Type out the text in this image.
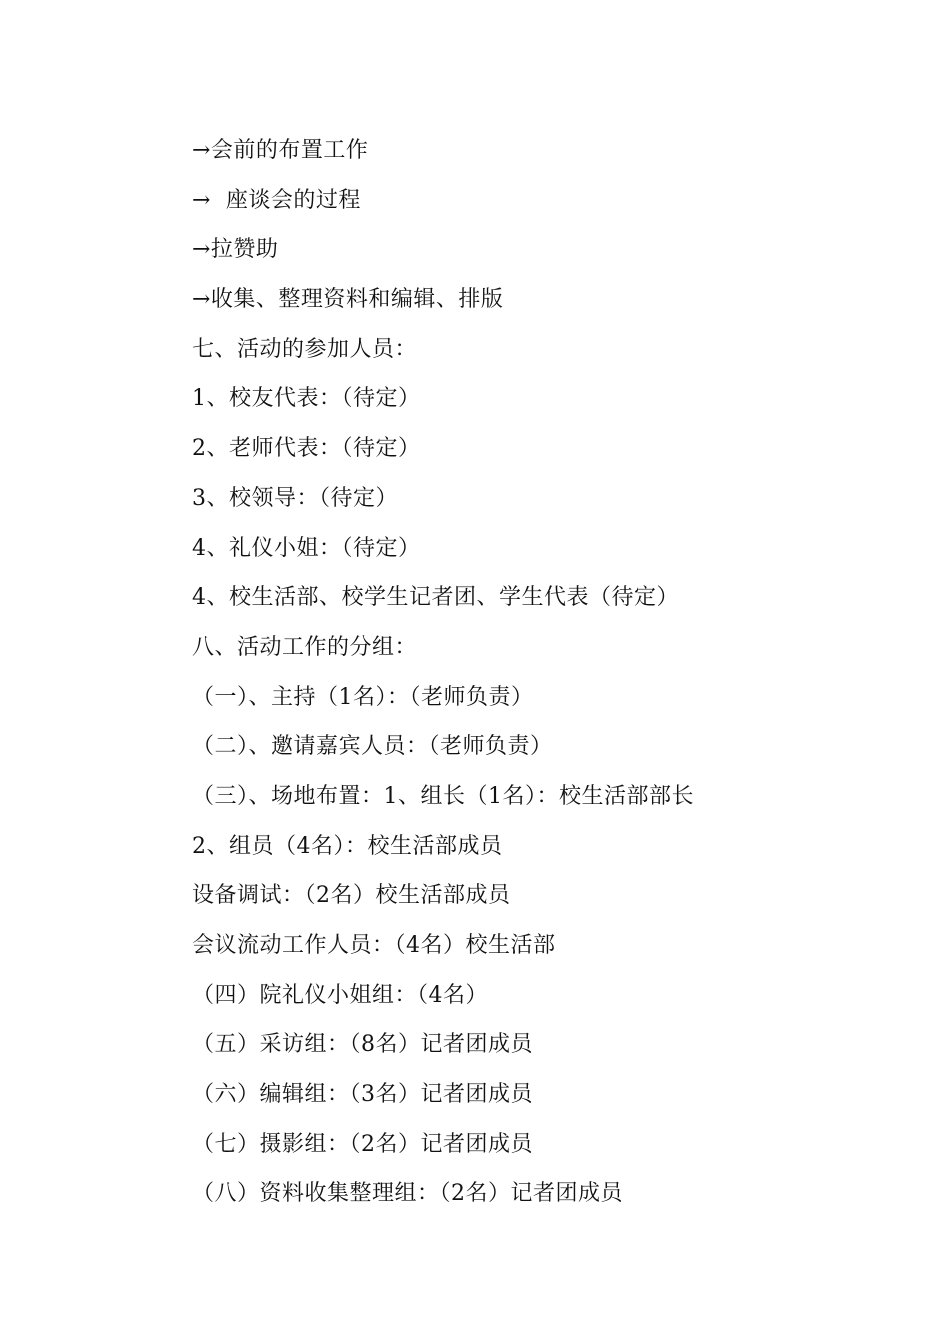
→会前的布置工作
→  座谈会的过程
→拉赞助
→收集、整理资料和编辑、排版
七、活动的参加人员：
1、校友代表：（待定）
2、老师代表：（待定）
3、校领导：（待定）
4、礼仪小姐：（待定）
4、校生活部、校学生记者团、学生代表（待定）
八、活动工作的分组：
（一）、主持（1名）：（老师负责）
（二）、邀请嘉宾人员：（老师负责）
（三）、场地布置：1、组长（1名）：校生活部部长
2、组员（4名）：校生活部成员
设备调试：（2名）校生活部成员
会议流动工作人员：（4名）校生活部
（四）院礼仪小姐组：（4名）
（五）采访组：（8名）记者团成员
（六）编辑组：（3名）记者团成员
（七）摄影组：（2名）记者团成员
（八）资料收集整理组：（2名）记者团成员
